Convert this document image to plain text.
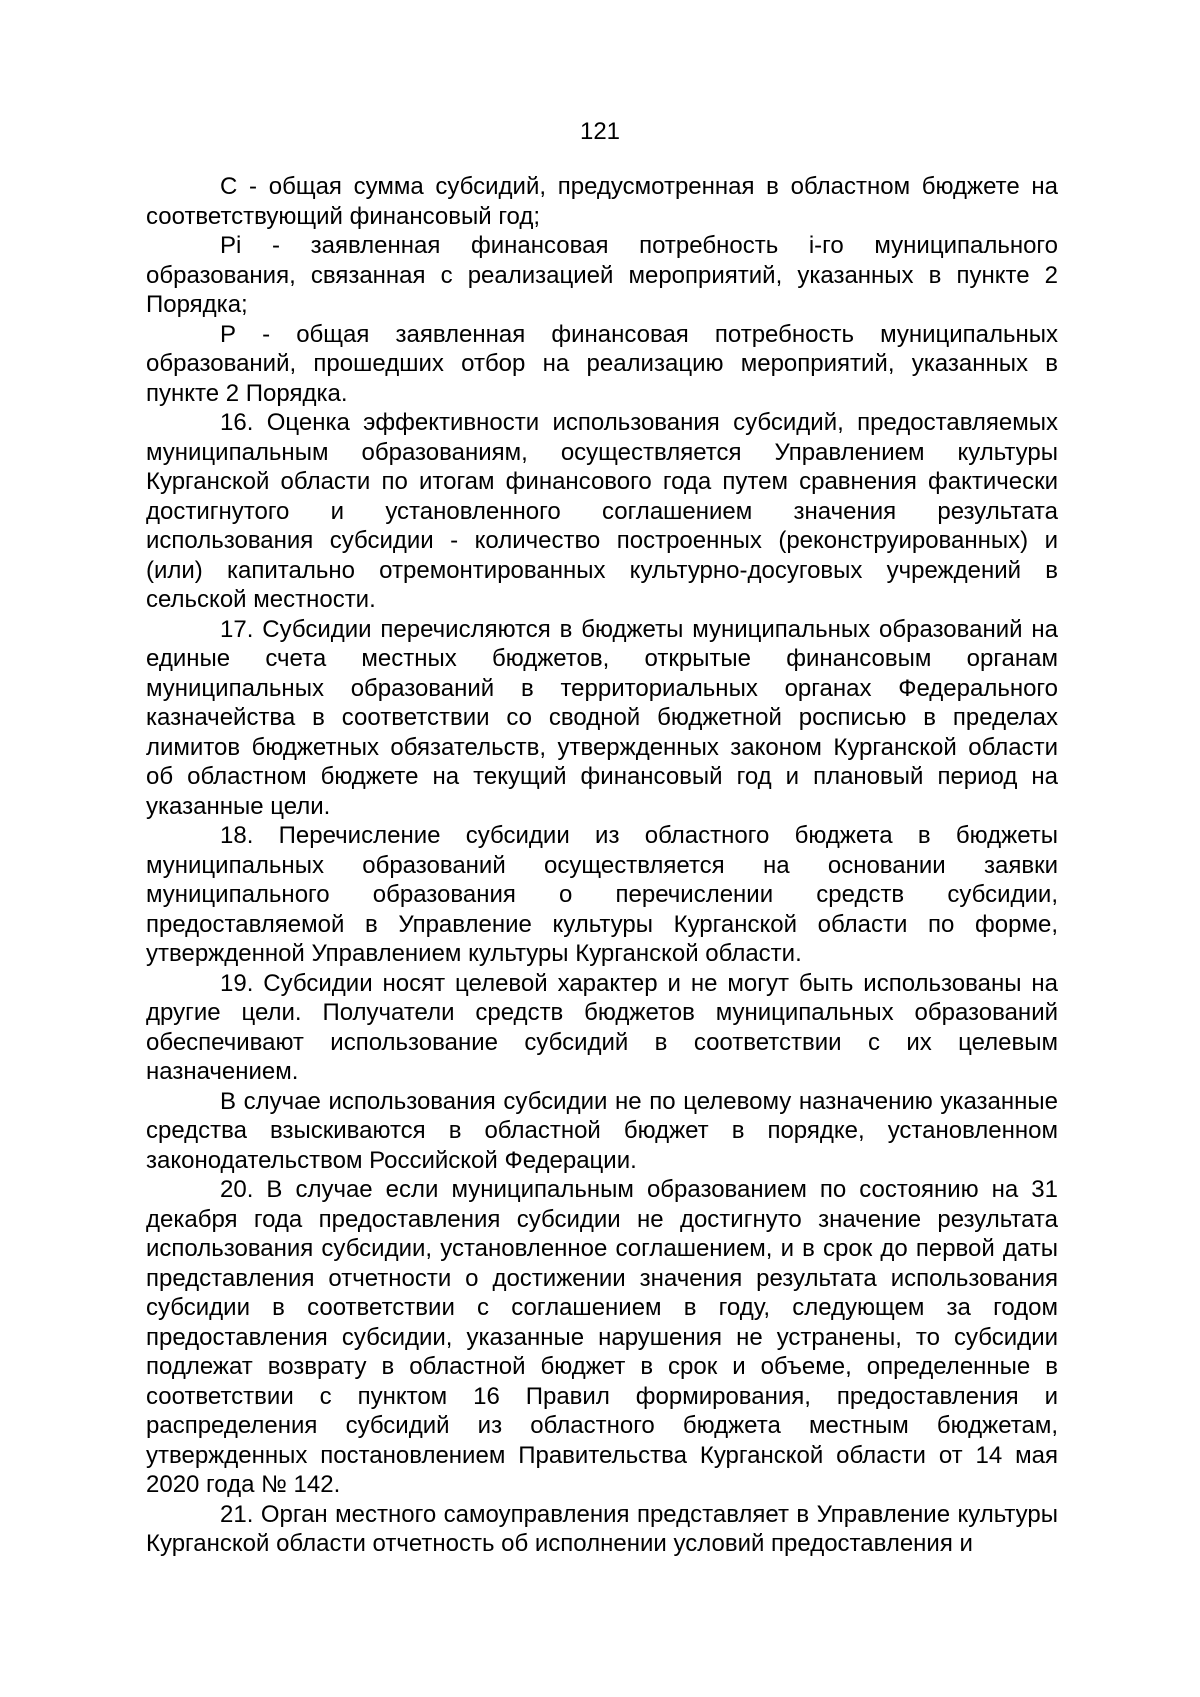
121

С - общая сумма субсидий, предусмотренная в областном бюджете на соответствующий финансовый год;

Pi - заявленная финансовая потребность i-го муниципального образования, связанная с реализацией мероприятий, указанных в пункте 2 Порядка;

Р - общая заявленная финансовая потребность муниципальных образований, прошедших отбор на реализацию мероприятий, указанных в пункте 2 Порядка.

16. Оценка эффективности использования субсидий, предоставляемых муниципальным образованиям, осуществляется Управлением культуры Курганской области по итогам финансового года путем сравнения фактически достигнутого и установленного соглашением значения результата использования субсидии - количество построенных (реконструированных) и (или) капитально отремонтированных культурно-досуговых учреждений в сельской местности.

17. Субсидии перечисляются в бюджеты муниципальных образований на единые счета местных бюджетов, открытые финансовым органам муниципальных образований в территориальных органах Федерального казначейства в соответствии со сводной бюджетной росписью в пределах лимитов бюджетных обязательств, утвержденных законом Курганской области об областном бюджете на текущий финансовый год и плановый период на указанные цели.

18. Перечисление субсидии из областного бюджета в бюджеты муниципальных образований осуществляется на основании заявки муниципального образования о перечислении средств субсидии, предоставляемой в Управление культуры Курганской области по форме, утвержденной Управлением культуры Курганской области.

19. Субсидии носят целевой характер и не могут быть использованы на другие цели. Получатели средств бюджетов муниципальных образований обеспечивают использование субсидий в соответствии с их целевым назначением.

В случае использования субсидии не по целевому назначению указанные средства взыскиваются в областной бюджет в порядке, установленном законодательством Российской Федерации.

20. В случае если муниципальным образованием по состоянию на 31 декабря года предоставления субсидии не достигнуто значение результата использования субсидии, установленное соглашением, и в срок до первой даты представления отчетности о достижении значения результата использования субсидии в соответствии с соглашением в году, следующем за годом предоставления субсидии, указанные нарушения не устранены, то субсидии подлежат возврату в областной бюджет в срок и объеме, определенные в соответствии с пунктом 16 Правил формирования, предоставления и распределения субсидий из областного бюджета местным бюджетам, утвержденных постановлением Правительства Курганской области от 14 мая 2020 года № 142.

21. Орган местного самоуправления представляет в Управление культуры Курганской области отчетность об исполнении условий предоставления и
